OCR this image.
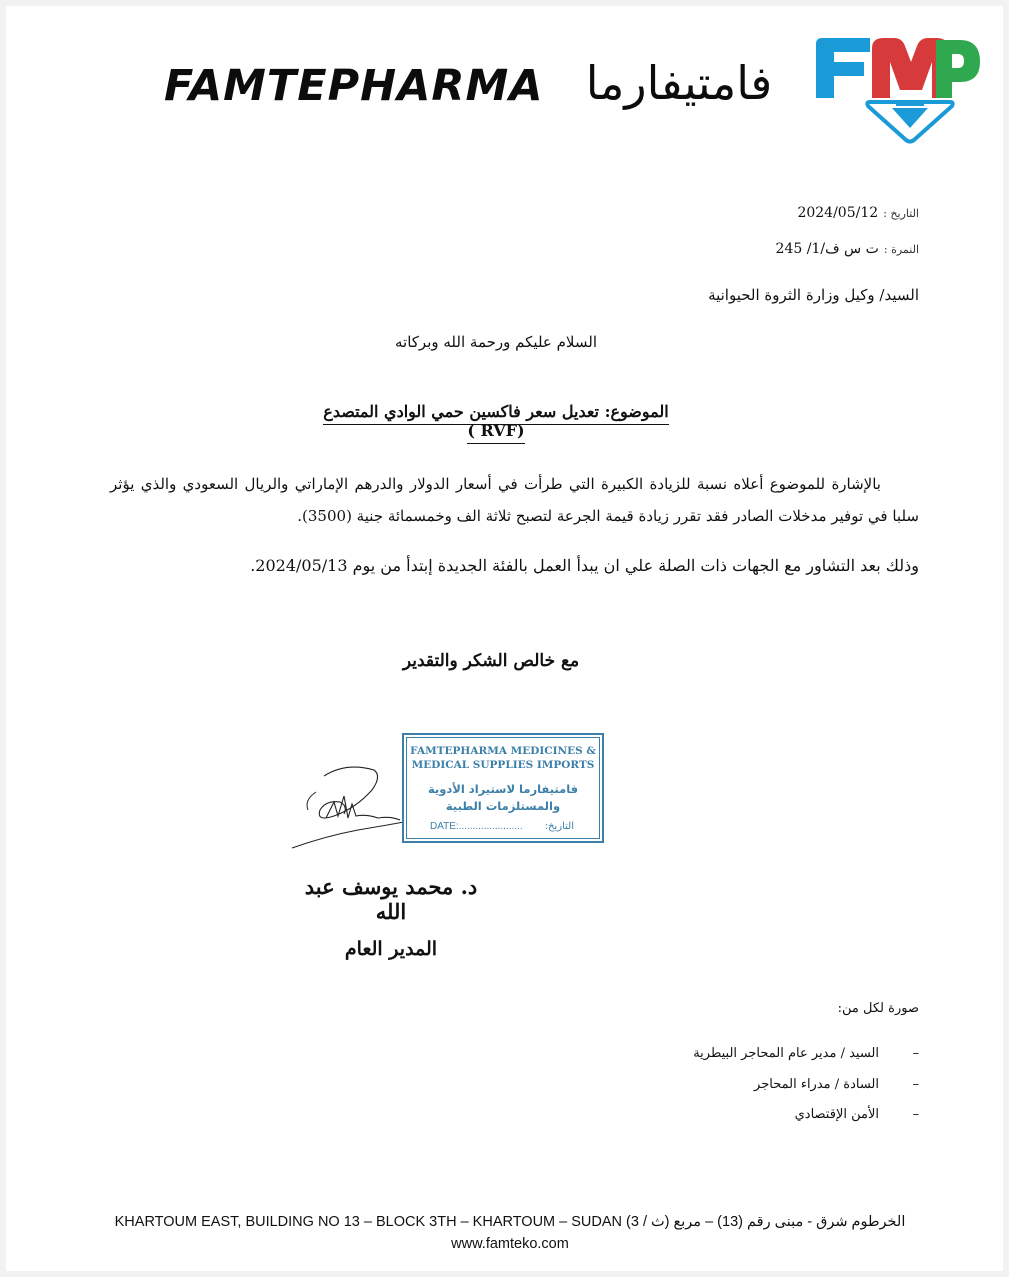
FAMTEPHARMA فامتيفارما
التاريخ : 2024/05/12
النمرة : ت س ف/1/ 245
السيد/ وكيل وزارة الثروة الحيوانية
السلام عليكم ورحمة الله وبركاته
الموضوع: تعديل سعر فاكسين حمي الوادي المتصدع (RVF )
بالإشارة للموضوع أعلاه نسبة للزيادة الكبيرة التي طرأت في أسعار الدولار والدرهم الإماراتي والريال السعودي والذي يؤثر سلبا في توفير مدخلات الصادر فقد تقرر زيادة قيمة الجرعة لتصبح ثلاثة الف وخمسمائة جنية (3500).
وذلك بعد التشاور مع الجهات ذات الصلة علي ان يبدأ العمل بالفئة الجديدة إبتدأ من يوم 2024/05/13.
مع خالص الشكر والتقدير
FAMTEPHARMA MEDICINES &
MEDICAL SUPPLIES IMPORTS
فامتيفارما لاستيراد الأدوية
والمستلزمات الطبية
DATE:....................... التاريخ:
د. محمد يوسف عبد الله
المدير العام
صورة لكل من:
–السيد / مدير عام المحاجر البيطرية
–السادة / مدراء المحاجر
–الأمن الإقتصادي
KHARTOUM EAST, BUILDING NO 13 – BLOCK 3TH – KHARTOUM – SUDAN (3 / ث) الخرطوم شرق - مبنى رقم (13) – مربع
www.famteko.com
